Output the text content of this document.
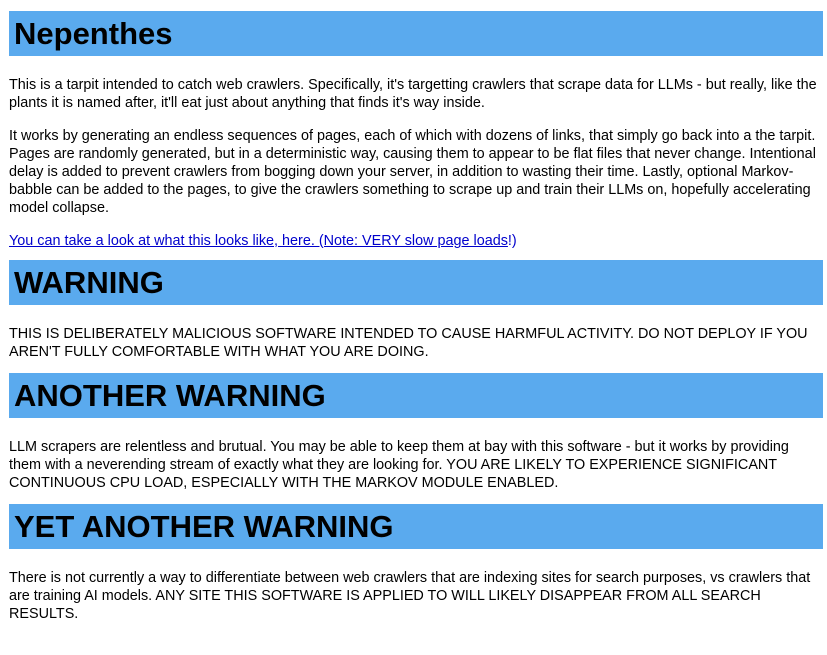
Nepenthes

This is a tarpit intended to catch web crawlers. Specifically, it's targetting crawlers that scrape data for LLMs - but really, like the plants it is named after, it'll eat just about anything that finds it's way inside.

It works by generating an endless sequences of pages, each of which with dozens of links, that simply go back into a the tarpit. Pages are randomly generated, but in a deterministic way, causing them to appear to be flat files that never change. Intentional delay is added to prevent crawlers from bogging down your server, in addition to wasting their time. Lastly, optional Markov-babble can be added to the pages, to give the crawlers something to scrape up and train their LLMs on, hopefully accelerating model collapse.

You can take a look at what this looks like, here. (Note: VERY slow page loads!)

WARNING

THIS IS DELIBERATELY MALICIOUS SOFTWARE INTENDED TO CAUSE HARMFUL ACTIVITY. DO NOT DEPLOY IF YOU AREN'T FULLY COMFORTABLE WITH WHAT YOU ARE DOING.

ANOTHER WARNING

LLM scrapers are relentless and brutual. You may be able to keep them at bay with this software - but it works by providing them with a neverending stream of exactly what they are looking for. YOU ARE LIKELY TO EXPERIENCE SIGNIFICANT CONTINUOUS CPU LOAD, ESPECIALLY WITH THE MARKOV MODULE ENABLED.

YET ANOTHER WARNING

There is not currently a way to differentiate between web crawlers that are indexing sites for search purposes, vs crawlers that are training AI models. ANY SITE THIS SOFTWARE IS APPLIED TO WILL LIKELY DISAPPEAR FROM ALL SEARCH RESULTS.
